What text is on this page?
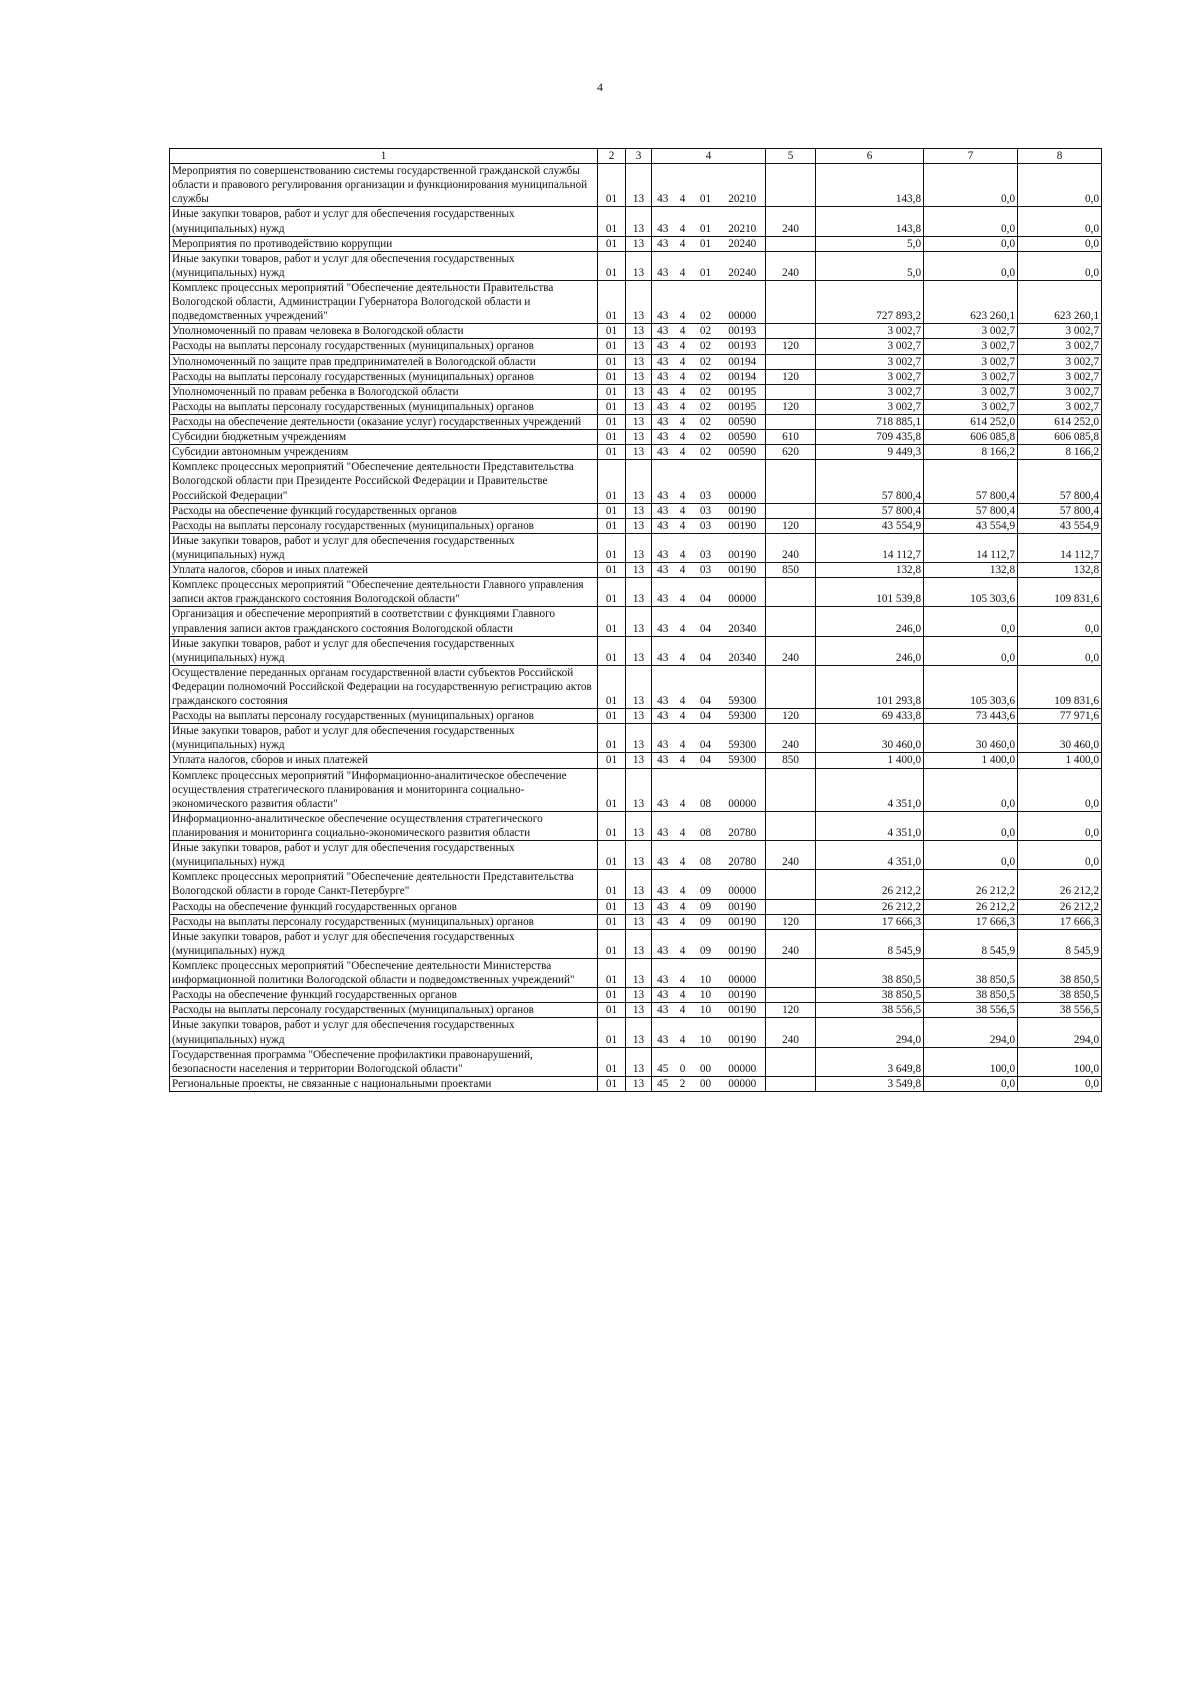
4
1	2	3	4				5	6	7	8
Мероприятия по совершенствованию системы государственной гражданской службы области и правового регулирования организации и функционирования муниципальной службы	01	13	43	4	01	20210		143,8	0,0	0,0
Иные закупки товаров, работ и услуг для обеспечения государственных (муниципальных) нужд	01	13	43	4	01	20210	240	143,8	0,0	0,0
Мероприятия по противодействию коррупции	01	13	43	4	01	20240		5,0	0,0	0,0
Иные закупки товаров, работ и услуг для обеспечения государственных (муниципальных) нужд	01	13	43	4	01	20240	240	5,0	0,0	0,0
Комплекс процессных мероприятий "Обеспечение деятельности Правительства Вологодской области, Администрации Губернатора Вологодской области и подведомственных учреждений"	01	13	43	4	02	00000		727 893,2	623 260,1	623 260,1
Уполномоченный по правам человека в Вологодской области	01	13	43	4	02	00193		3 002,7	3 002,7	3 002,7
Расходы на выплаты персоналу государственных (муниципальных) органов	01	13	43	4	02	00193	120	3 002,7	3 002,7	3 002,7
Уполномоченный по защите прав предпринимателей в Вологодской области	01	13	43	4	02	00194		3 002,7	3 002,7	3 002,7
Расходы на выплаты персоналу государственных (муниципальных) органов	01	13	43	4	02	00194	120	3 002,7	3 002,7	3 002,7
Уполномоченный по правам ребенка в Вологодской области	01	13	43	4	02	00195		3 002,7	3 002,7	3 002,7
Расходы на выплаты персоналу государственных (муниципальных) органов	01	13	43	4	02	00195	120	3 002,7	3 002,7	3 002,7
Расходы на обеспечение деятельности (оказание услуг) государственных учреждений	01	13	43	4	02	00590		718 885,1	614 252,0	614 252,0
Субсидии бюджетным учреждениям	01	13	43	4	02	00590	610	709 435,8	606 085,8	606 085,8
Субсидии автономным учреждениям	01	13	43	4	02	00590	620	9 449,3	8 166,2	8 166,2
Комплекс процессных мероприятий "Обеспечение деятельности Представительства Вологодской области при Президенте Российской Федерации и Правительстве Российской Федерации"	01	13	43	4	03	00000		57 800,4	57 800,4	57 800,4
Расходы на обеспечение функций государственных органов	01	13	43	4	03	00190		57 800,4	57 800,4	57 800,4
Расходы на выплаты персоналу государственных (муниципальных) органов	01	13	43	4	03	00190	120	43 554,9	43 554,9	43 554,9
Иные закупки товаров, работ и услуг для обеспечения государственных (муниципальных) нужд	01	13	43	4	03	00190	240	14 112,7	14 112,7	14 112,7
Уплата налогов, сборов и иных платежей	01	13	43	4	03	00190	850	132,8	132,8	132,8
Комплекс процессных мероприятий "Обеспечение деятельности Главного управления записи актов гражданского состояния Вологодской области"	01	13	43	4	04	00000		101 539,8	105 303,6	109 831,6
Организация и обеспечение мероприятий в соответствии с функциями Главного управления записи актов гражданского состояния Вологодской области	01	13	43	4	04	20340		246,0	0,0	0,0
Иные закупки товаров, работ и услуг для обеспечения государственных (муниципальных) нужд	01	13	43	4	04	20340	240	246,0	0,0	0,0
Осуществление переданных органам государственной власти субъектов Российской Федерации полномочий Российской Федерации на государственную регистрацию актов гражданского состояния	01	13	43	4	04	59300		101 293,8	105 303,6	109 831,6
Расходы на выплаты персоналу государственных (муниципальных) органов	01	13	43	4	04	59300	120	69 433,8	73 443,6	77 971,6
Иные закупки товаров, работ и услуг для обеспечения государственных (муниципальных) нужд	01	13	43	4	04	59300	240	30 460,0	30 460,0	30 460,0
Уплата налогов, сборов и иных платежей	01	13	43	4	04	59300	850	1 400,0	1 400,0	1 400,0
Комплекс процессных мероприятий "Информационно-аналитическое обеспечение осуществления стратегического планирования и мониторинга социально-экономического развития области"	01	13	43	4	08	00000		4 351,0	0,0	0,0
Информационно-аналитическое обеспечение осуществления стратегического планирования и мониторинга социально-экономического развития области	01	13	43	4	08	20780		4 351,0	0,0	0,0
Иные закупки товаров, работ и услуг для обеспечения государственных (муниципальных) нужд	01	13	43	4	08	20780	240	4 351,0	0,0	0,0
Комплекс процессных мероприятий "Обеспечение деятельности Представительства Вологодской области в городе Санкт-Петербурге"	01	13	43	4	09	00000		26 212,2	26 212,2	26 212,2
Расходы на обеспечение функций государственных органов	01	13	43	4	09	00190		26 212,2	26 212,2	26 212,2
Расходы на выплаты персоналу государственных (муниципальных) органов	01	13	43	4	09	00190	120	17 666,3	17 666,3	17 666,3
Иные закупки товаров, работ и услуг для обеспечения государственных (муниципальных) нужд	01	13	43	4	09	00190	240	8 545,9	8 545,9	8 545,9
Комплекс процессных мероприятий "Обеспечение деятельности Министерства информационной политики Вологодской области и подведомственных учреждений"	01	13	43	4	10	00000		38 850,5	38 850,5	38 850,5
Расходы на обеспечение функций государственных органов	01	13	43	4	10	00190		38 850,5	38 850,5	38 850,5
Расходы на выплаты персоналу государственных (муниципальных) органов	01	13	43	4	10	00190	120	38 556,5	38 556,5	38 556,5
Иные закупки товаров, работ и услуг для обеспечения государственных (муниципальных) нужд	01	13	43	4	10	00190	240	294,0	294,0	294,0
Государственная программа "Обеспечение профилактики правонарушений, безопасности населения и территории Вологодской области"	01	13	45	0	00	00000		3 649,8	100,0	100,0
Региональные проекты, не связанные с национальными проектами	01	13	45	2	00	00000		3 549,8	0,0	0,0
